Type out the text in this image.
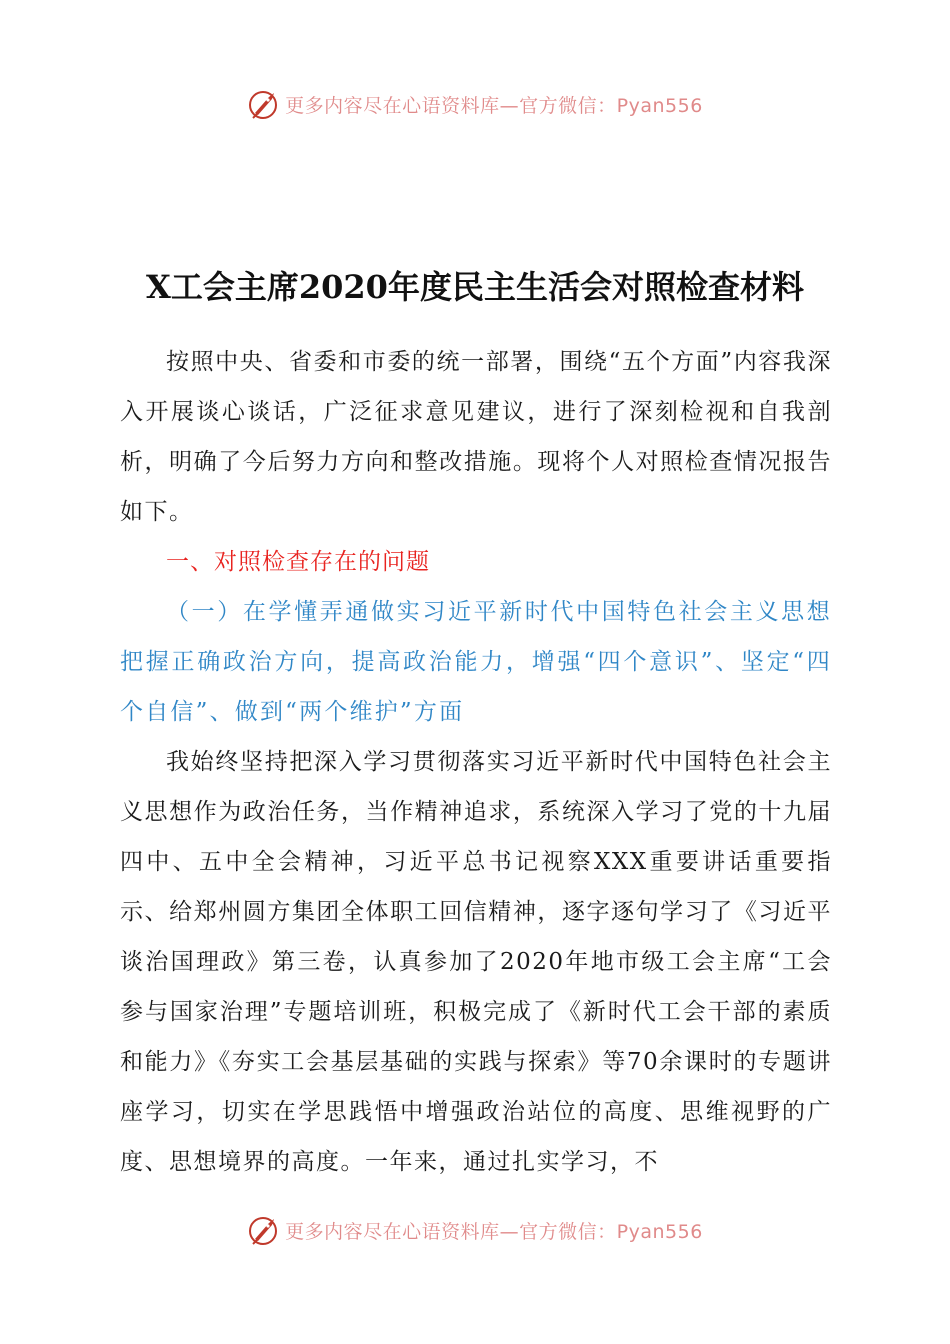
更多内容尽在心语资料库—官方微信：Pyan556
X工会主席2020年度民主生活会对照检查材料

按照中央、省委和市委的统一部署，围绕“五个方面”内容我深入开展谈心谈话，广泛征求意见建议，进行了深刻检视和自我剖析，明确了今后努力方向和整改措施。现将个人对照检查情况报告如下。

一、对照检查存在的问题

（一）在学懂弄通做实习近平新时代中国特色社会主义思想把握正确政治方向，提高政治能力，增强“四个意识”、坚定“四个自信”、做到“两个维护”方面

我始终坚持把深入学习贯彻落实习近平新时代中国特色社会主义思想作为政治任务，当作精神追求，系统深入学习了党的十九届四中、五中全会精神，习近平总书记视察XXX重要讲话重要指示、给郑州圆方集团全体职工回信精神，逐字逐句学习了《习近平谈治国理政》第三卷，认真参加了2020年地市级工会主席“工会参与国家治理”专题培训班，积极完成了《新时代工会干部的素质和能力》《夯实工会基层基础的实践与探索》等70余课时的专题讲座学习，切实在学思践悟中增强政治站位的高度、思维视野的广度、思想境界的高度。一年来，通过扎实学习，不

更多内容尽在心语资料库—官方微信：Pyan556
